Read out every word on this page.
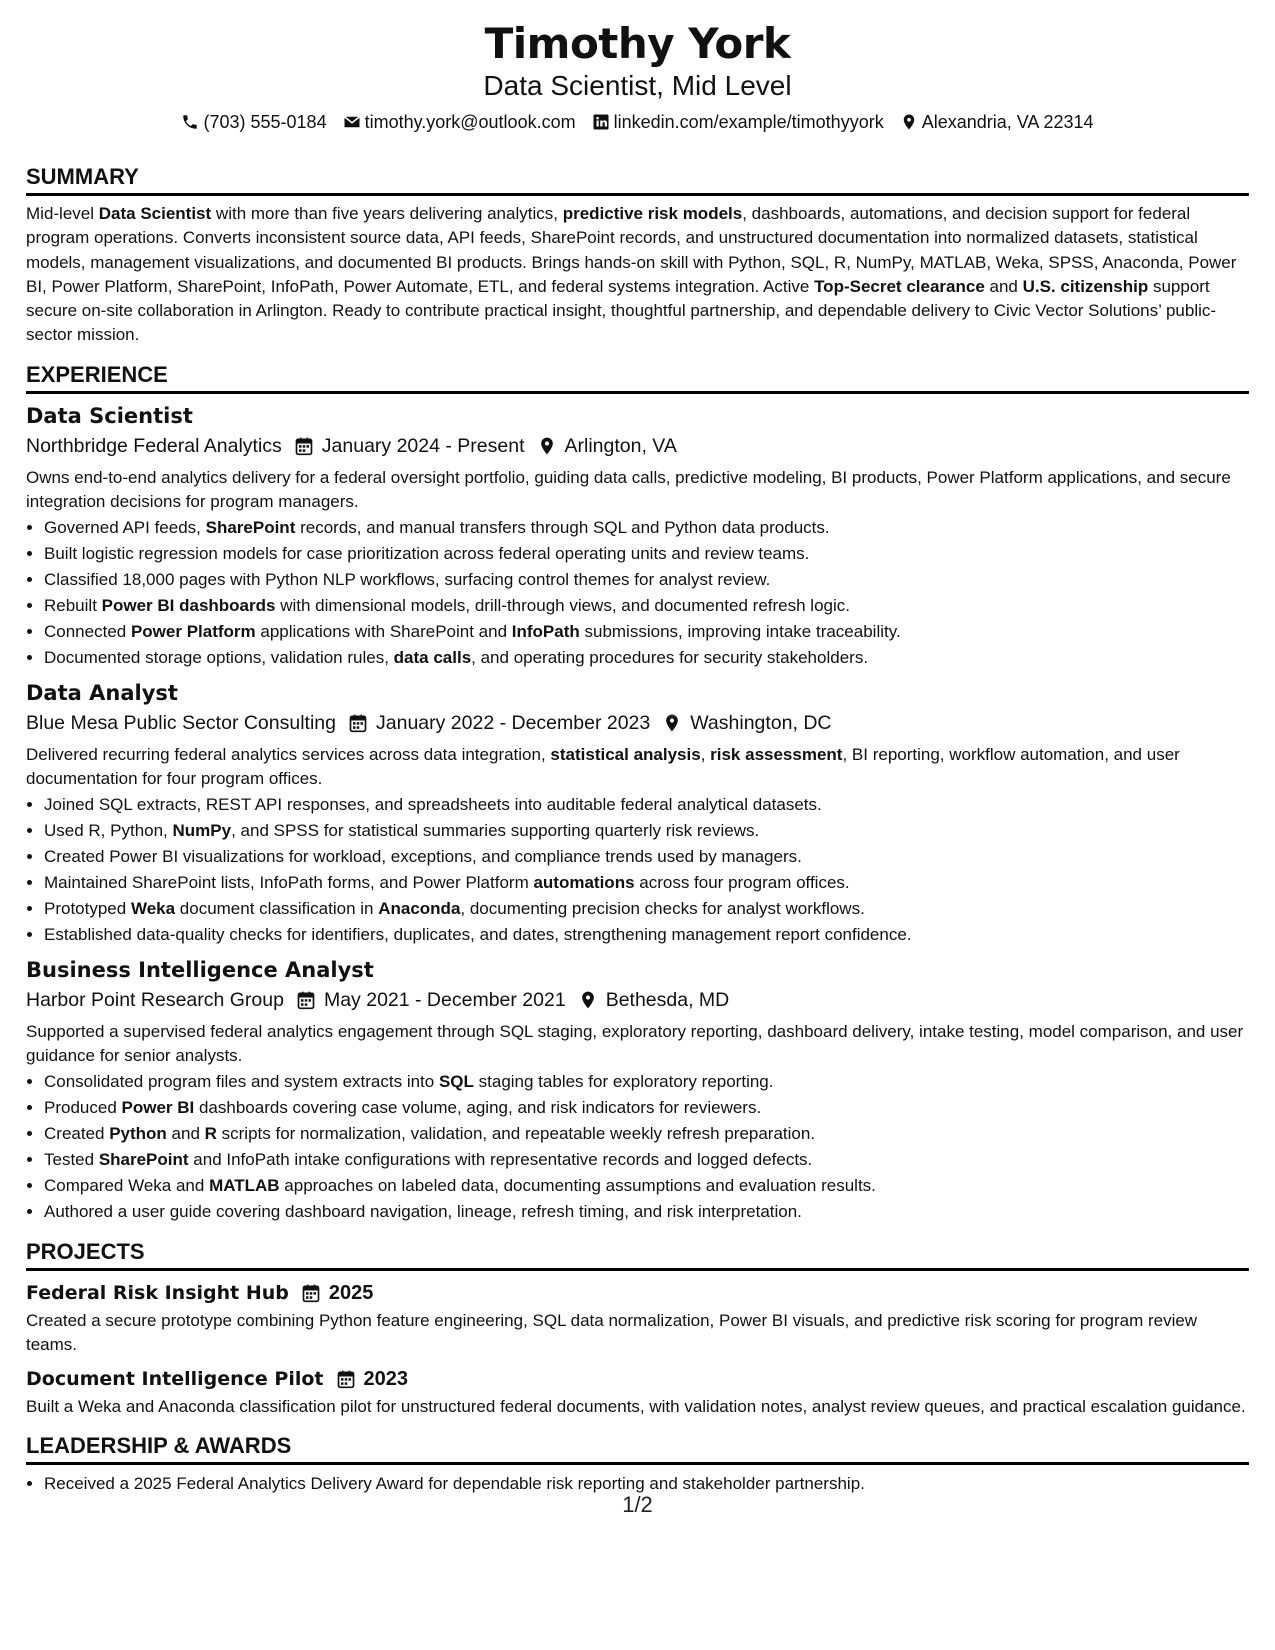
Timothy York
Data Scientist, Mid Level
(703) 555-0184 timothy.york@outlook.com linkedin.com/example/timothyyork Alexandria, VA 22314
SUMMARY
Mid-level Data Scientist with more than five years delivering analytics, predictive risk models, dashboards, automations, and decision support for federal program operations. Converts inconsistent source data, API feeds, SharePoint records, and unstructured documentation into normalized datasets, statistical models, management visualizations, and documented BI products. Brings hands-on skill with Python, SQL, R, NumPy, MATLAB, Weka, SPSS, Anaconda, Power BI, Power Platform, SharePoint, InfoPath, Power Automate, ETL, and federal systems integration. Active Top-Secret clearance and U.S. citizenship support secure on-site collaboration in Arlington. Ready to contribute practical insight, thoughtful partnership, and dependable delivery to Civic Vector Solutions’ public-sector mission.
EXPERIENCE
Data Scientist
Northbridge Federal Analytics January 2024 - Present Arlington, VA
Owns end-to-end analytics delivery for a federal oversight portfolio, guiding data calls, predictive modeling, BI products, Power Platform applications, and secure integration decisions for program managers.
• Governed API feeds, SharePoint records, and manual transfers through SQL and Python data products.
• Built logistic regression models for case prioritization across federal operating units and review teams.
• Classified 18,000 pages with Python NLP workflows, surfacing control themes for analyst review.
• Rebuilt Power BI dashboards with dimensional models, drill-through views, and documented refresh logic.
• Connected Power Platform applications with SharePoint and InfoPath submissions, improving intake traceability.
• Documented storage options, validation rules, data calls, and operating procedures for security stakeholders.
Data Analyst
Blue Mesa Public Sector Consulting January 2022 - December 2023 Washington, DC
Delivered recurring federal analytics services across data integration, statistical analysis, risk assessment, BI reporting, workflow automation, and user documentation for four program offices.
• Joined SQL extracts, REST API responses, and spreadsheets into auditable federal analytical datasets.
• Used R, Python, NumPy, and SPSS for statistical summaries supporting quarterly risk reviews.
• Created Power BI visualizations for workload, exceptions, and compliance trends used by managers.
• Maintained SharePoint lists, InfoPath forms, and Power Platform automations across four program offices.
• Prototyped Weka document classification in Anaconda, documenting precision checks for analyst workflows.
• Established data-quality checks for identifiers, duplicates, and dates, strengthening management report confidence.
Business Intelligence Analyst
Harbor Point Research Group May 2021 - December 2021 Bethesda, MD
Supported a supervised federal analytics engagement through SQL staging, exploratory reporting, dashboard delivery, intake testing, model comparison, and user guidance for senior analysts.
• Consolidated program files and system extracts into SQL staging tables for exploratory reporting.
• Produced Power BI dashboards covering case volume, aging, and risk indicators for reviewers.
• Created Python and R scripts for normalization, validation, and repeatable weekly refresh preparation.
• Tested SharePoint and InfoPath intake configurations with representative records and logged defects.
• Compared Weka and MATLAB approaches on labeled data, documenting assumptions and evaluation results.
• Authored a user guide covering dashboard navigation, lineage, refresh timing, and risk interpretation.
PROJECTS
Federal Risk Insight Hub 2025
Created a secure prototype combining Python feature engineering, SQL data normalization, Power BI visuals, and predictive risk scoring for program review teams.
Document Intelligence Pilot 2023
Built a Weka and Anaconda classification pilot for unstructured federal documents, with validation notes, analyst review queues, and practical escalation guidance.
LEADERSHIP & AWARDS
• Received a 2025 Federal Analytics Delivery Award for dependable risk reporting and stakeholder partnership.
1/2
